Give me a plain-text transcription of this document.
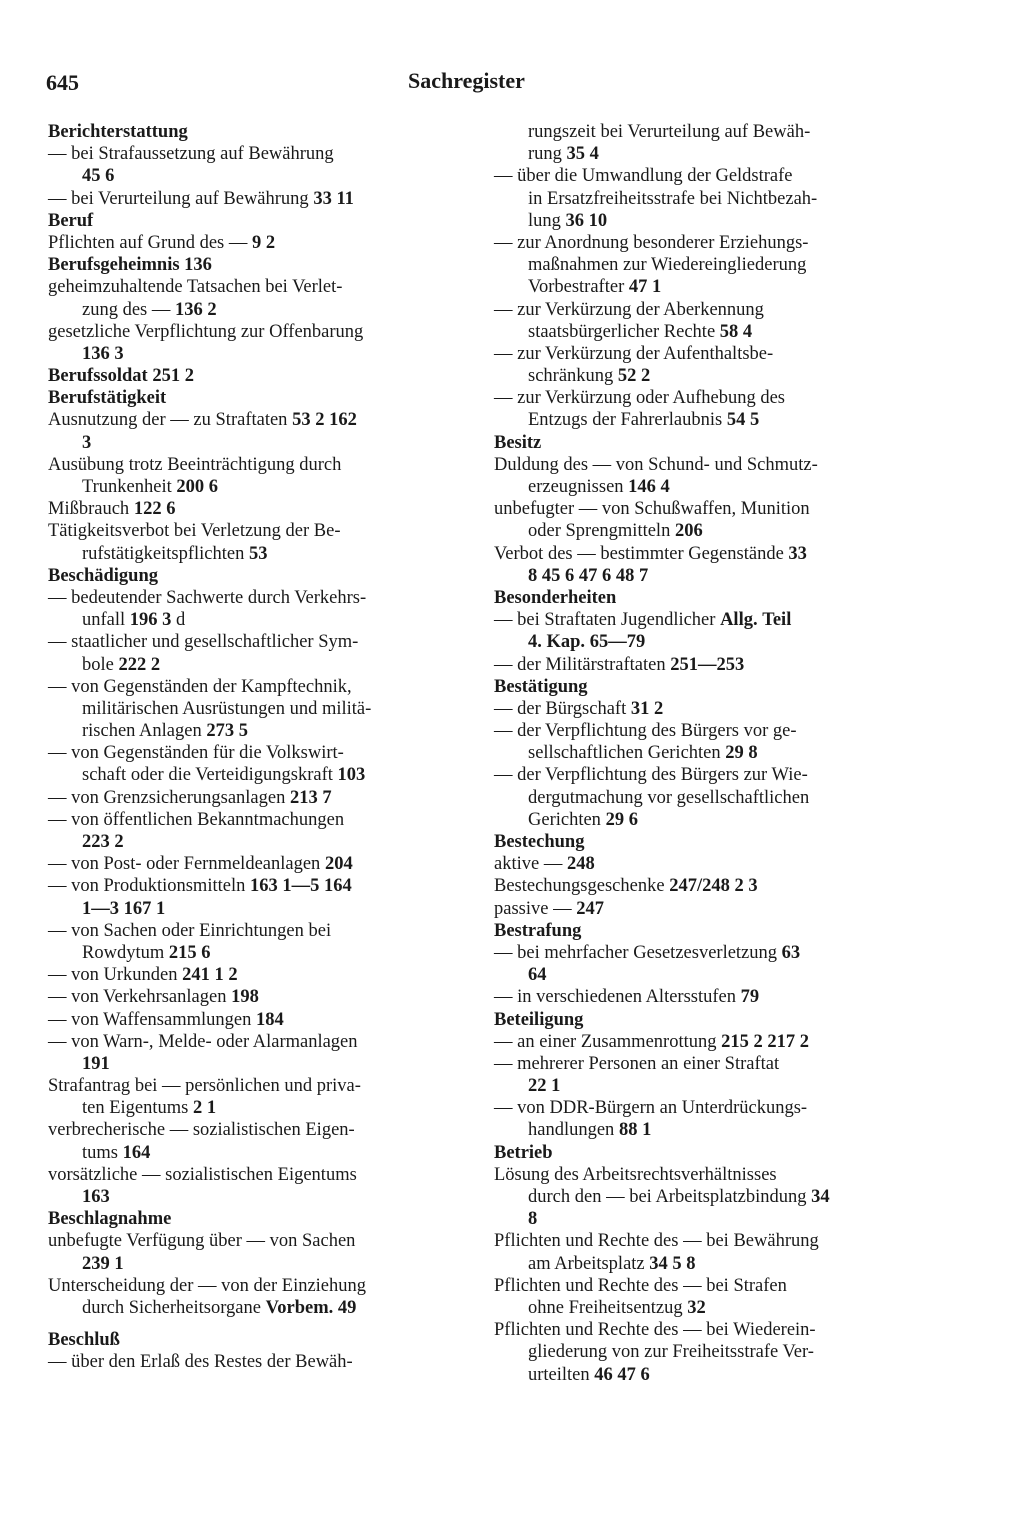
645	Sachregister
Berichterstattung
— bei Strafaussetzung auf Bewährung
45 6
— bei Verurteilung auf Bewährung 33 11
Beruf
Pflichten auf Grund des — 9 2
Berufsgeheimnis 136
geheimzuhaltende Tatsachen bei Verlet-
zung des — 136 2
gesetzliche Verpflichtung zur Offenbarung
136 3
Berufssoldat 251 2
Berufstätigkeit
Ausnutzung der — zu Straftaten 53 2 162
3
Ausübung trotz Beeinträchtigung durch
Trunkenheit 200 6
Mißbrauch 122 6
Tätigkeitsverbot bei Verletzung der Be-
rufstätigkeitspflichten 53
Beschädigung
— bedeutender Sachwerte durch Verkehrs-
unfall 196 3 d
— staatlicher und gesellschaftlicher Sym-
bole 222 2
— von Gegenständen der Kampftechnik,
militärischen Ausrüstungen und militä-
rischen Anlagen 273 5
— von Gegenständen für die Volkswirt-
schaft oder die Verteidigungskraft 103
— von Grenzsicherungsanlagen 213 7
— von öffentlichen Bekanntmachungen
223 2
— von Post- oder Fernmeldeanlagen 204
— von Produktionsmitteln 163 1—5 164
1—3 167 1
— von Sachen oder Einrichtungen bei
Rowdytum 215 6
— von Urkunden 241 1 2
— von Verkehrsanlagen 198
— von Waffensammlungen 184
— von Warn-, Melde- oder Alarmanlagen
191
Strafantrag bei — persönlichen und priva-
ten Eigentums 2 1
verbrecherische — sozialistischen Eigen-
tums 164
vorsätzliche — sozialistischen Eigentums
163
Beschlagnahme
unbefugte Verfügung über — von Sachen
239 1
Unterscheidung der — von der Einziehung
durch Sicherheitsorgane Vorbem. 49
Beschluß
— über den Erlaß des Restes der Bewäh-
rungszeit bei Verurteilung auf Bewäh-
rung 35 4
— über die Umwandlung der Geldstrafe
in Ersatzfreiheitsstrafe bei Nichtbezah-
lung 36 10
— zur Anordnung besonderer Erziehungs-
maßnahmen zur Wiedereingliederung
Vorbestrafter 47 1
— zur Verkürzung der Aberkennung
staatsbürgerlicher Rechte 58 4
— zur Verkürzung der Aufenthaltsbe-
schränkung 52 2
— zur Verkürzung oder Aufhebung des
Entzugs der Fahrerlaubnis 54 5
Besitz
Duldung des — von Schund- und Schmutz-
erzeugnissen 146 4
unbefugter — von Schußwaffen, Munition
oder Sprengmitteln 206
Verbot des — bestimmter Gegenstände 33
8 45 6 47 6 48 7
Besonderheiten
— bei Straftaten Jugendlicher Allg. Teil
4. Kap. 65—79
— der Militärstraftaten 251—253
Bestätigung
— der Bürgschaft 31 2
— der Verpflichtung des Bürgers vor ge-
sellschaftlichen Gerichten 29 8
— der Verpflichtung des Bürgers zur Wie-
dergutmachung vor gesellschaftlichen
Gerichten 29 6
Bestechung
aktive — 248
Bestechungsgeschenke 247/248 2 3
passive — 247
Bestrafung
— bei mehrfacher Gesetzesverletzung 63
64
— in verschiedenen Altersstufen 79
Beteiligung
— an einer Zusammenrottung 215 2 217 2
— mehrerer Personen an einer Straftat
22 1
— von DDR-Bürgern an Unterdrückungs-
handlungen 88 1
Betrieb
Lösung des Arbeitsrechtsverhältnisses
durch den — bei Arbeitsplatzbindung 34
8
Pflichten und Rechte des — bei Bewährung
am Arbeitsplatz 34 5 8
Pflichten und Rechte des — bei Strafen
ohne Freiheitsentzug 32
Pflichten und Rechte des — bei Wiederein-
gliederung von zur Freiheitsstrafe Ver-
urteilten 46 47 6
